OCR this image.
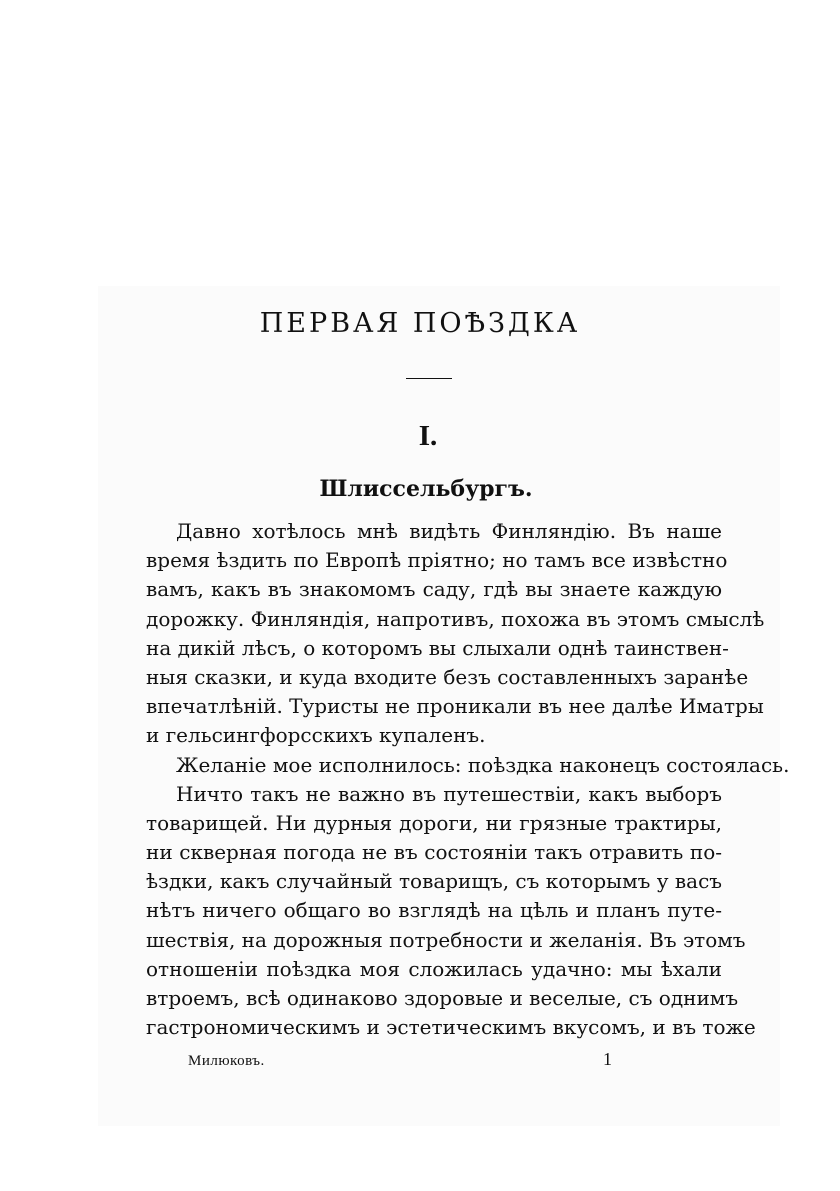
ПЕРВАЯ ПОѢЗДКА
I.
Шлиссельбургъ.
Давно хотѣлось мнѣ видѣть Финляндію. Въ наше
время ѣздить по Европѣ пріятно; но тамъ все извѣстно
вамъ, какъ въ знакомомъ саду, гдѣ вы знаете каждую
дорожку. Финляндія, напротивъ, похожа въ этомъ смыслѣ
на дикій лѣсъ, о которомъ вы слыхали однѣ таинствен-
ныя сказки, и куда входите безъ составленныхъ заранѣе
впечатлѣній. Туристы не проникали въ нее далѣе Иматры
и гельсингфорсскихъ купаленъ.
Желаніе мое исполнилось: поѣздка наконецъ состоялась.
Ничто такъ не важно въ путешествіи, какъ выборъ
товарищей. Ни дурныя дороги, ни грязные трактиры,
ни скверная погода не въ состояніи такъ отравить по-
ѣздки, какъ случайный товарищъ, съ которымъ у васъ
нѣтъ ничего общаго во взглядѣ на цѣль и планъ путе-
шествія, на дорожныя потребности и желанія. Въ этомъ
отношеніи поѣздка моя сложилась удачно: мы ѣхали
втроемъ, всѣ одинаково здоровые и веселые, съ однимъ
гастрономическимъ и эстетическимъ вкусомъ, и въ тоже
Милюковъ.	1
